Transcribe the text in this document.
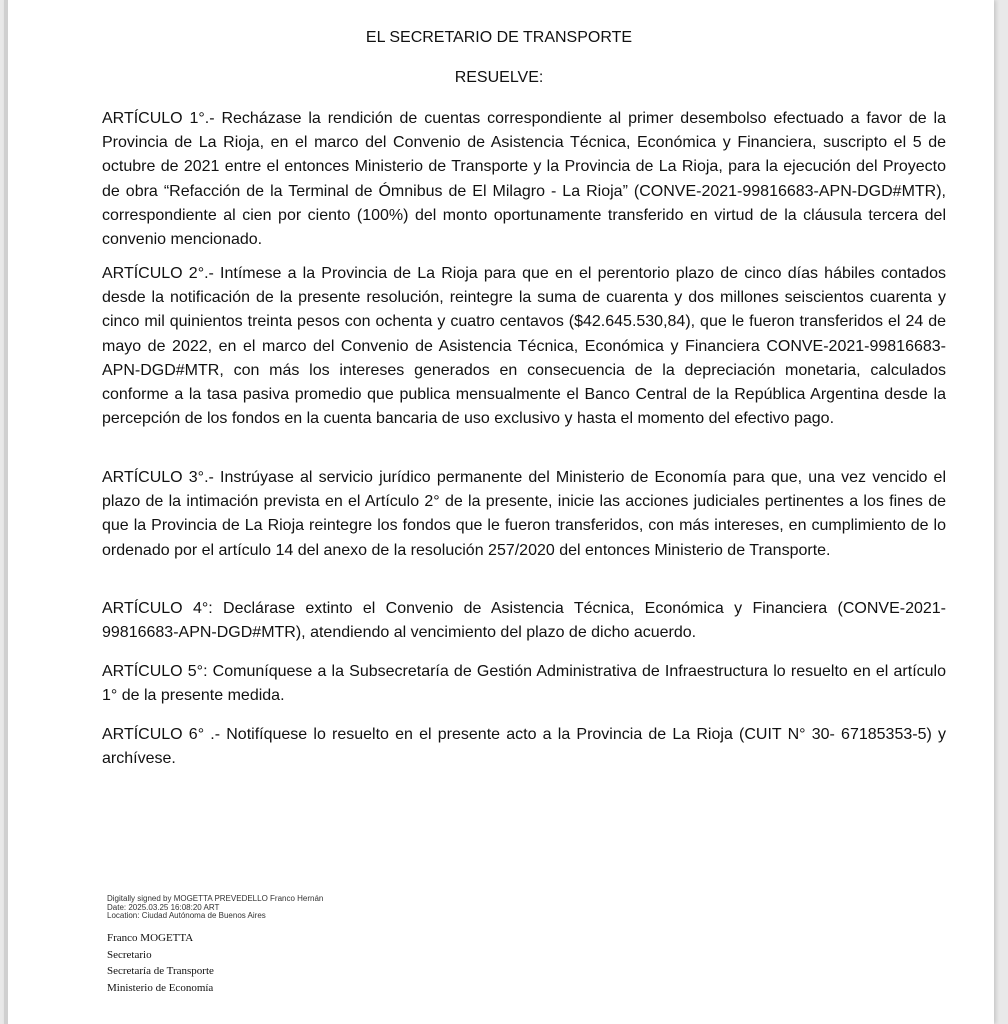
EL SECRETARIO DE TRANSPORTE
RESUELVE:

ARTÍCULO 1°.- Recházase la rendición de cuentas correspondiente al primer desembolso efectuado a favor de la Provincia de La Rioja, en el marco del Convenio de Asistencia Técnica, Económica y Financiera, suscripto el 5 de octubre de 2021 entre el entonces Ministerio de Transporte y la Provincia de La Rioja, para la ejecución del Proyecto de obra “Refacción de la Terminal de Ómnibus de El Milagro - La Rioja” (CONVE-2021-99816683-APN-DGD#MTR), correspondiente al cien por ciento (100%) del monto oportunamente transferido en virtud de la cláusula tercera del convenio mencionado.

ARTÍCULO 2°.- Intímese a la Provincia de La Rioja para que en el perentorio plazo de cinco días hábiles contados desde la notificación de la presente resolución, reintegre la suma de cuarenta y dos millones seiscientos cuarenta y cinco mil quinientos treinta pesos con ochenta y cuatro centavos ($42.645.530,84), que le fueron transferidos el 24 de mayo de 2022, en el marco del Convenio de Asistencia Técnica, Económica y Financiera CONVE-2021-99816683-APN-DGD#MTR, con más los intereses generados en consecuencia de la depreciación monetaria, calculados conforme a la tasa pasiva promedio que publica mensualmente el Banco Central de la República Argentina desde la percepción de los fondos en la cuenta bancaria de uso exclusivo y hasta el momento del efectivo pago.

ARTÍCULO 3°.- Instrúyase al servicio jurídico permanente del Ministerio de Economía para que, una vez vencido el plazo de la intimación prevista en el Artículo 2° de la presente, inicie las acciones judiciales pertinentes a los fines de que la Provincia de La Rioja reintegre los fondos que le fueron transferidos, con más intereses, en cumplimiento de lo ordenado por el artículo 14 del anexo de la resolución 257/2020 del entonces Ministerio de Transporte.

ARTÍCULO 4°: Declárase extinto el Convenio de Asistencia Técnica, Económica y Financiera (CONVE-2021-99816683-APN-DGD#MTR), atendiendo al vencimiento del plazo de dicho acuerdo.

ARTÍCULO 5°: Comuníquese a la Subsecretaría de Gestión Administrativa de Infraestructura lo resuelto en el artículo 1° de la presente medida.

ARTÍCULO 6° .- Notifíquese lo resuelto en el presente acto a la Provincia de La Rioja (CUIT N° 30- 67185353-5) y archívese.

Digitally signed by MOGETTA PREVEDELLO Franco Hernán
Date: 2025.03.25 16:08:20 ART
Location: Ciudad Autónoma de Buenos Aires
Franco MOGETTA
Secretario
Secretaría de Transporte
Ministerio de Economía
